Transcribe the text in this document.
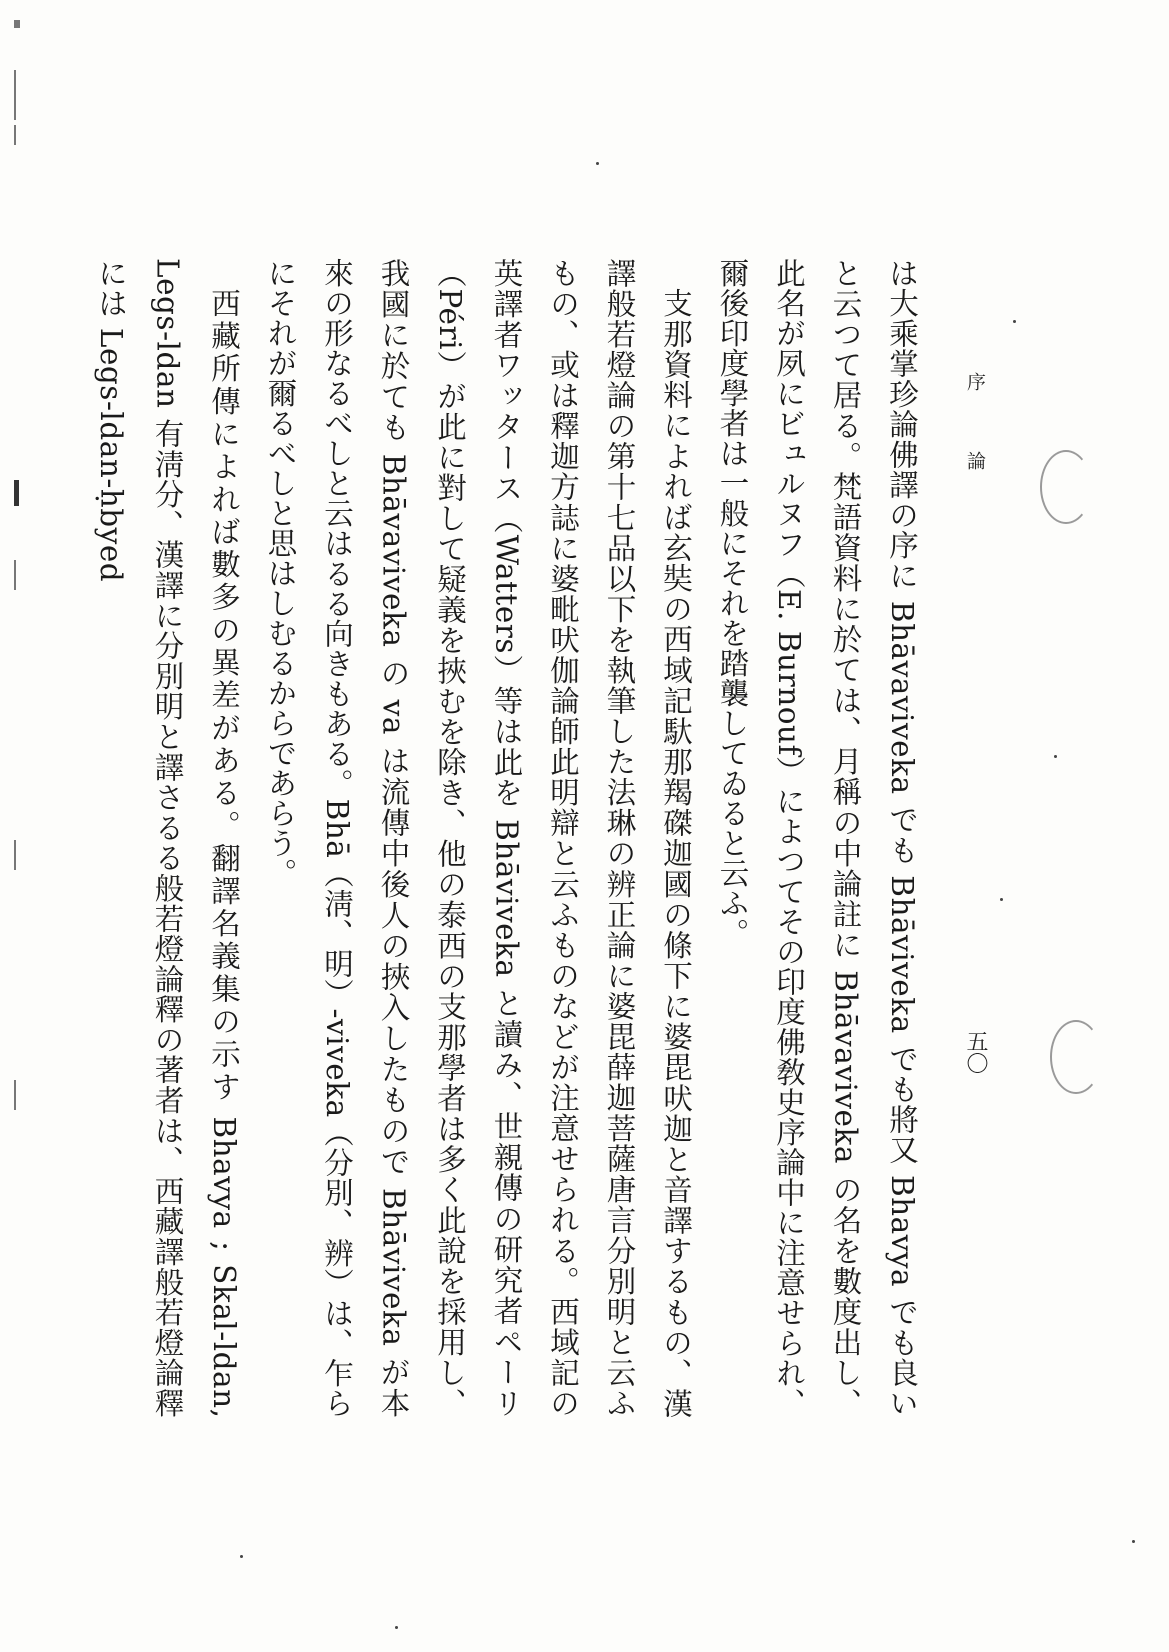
序論
五〇

は大乘掌珍論佛譯の序に Bhāvaviveka でも Bhāviveka でも將又 Bhavya でも良いと云つて居る。梵語資料に於ては、月稱の中論註に Bhāvaviveka の名を數度出し、此名が夙にビュルヌフ（E. Burnouf）によつてその印度佛敎史序論中に注意せられ、爾後印度學者は一般にそれを踏襲してゐると云ふ。

支那資料によれば玄奘の西域記馱那羯磔迦國の條下に婆毘吠迦と音譯するもの、漢譯般若燈論の第十七品以下を執筆した法琳の辨正論に婆毘薛迦菩薩唐言分別明と云ふもの、或は釋迦方誌に婆毗吠伽論師此明辯と云ふものなどが注意せられる。西域記の英譯者ワッタース（Watters）等は此を Bhāviveka と讀み、世親傳の研究者ペーリ（Péri）が此に對して疑義を挾むを除き、他の泰西の支那學者は多く此說を採用し、我國に於ても Bhāvaviveka の va は流傳中後人の挾入したもので Bhāviveka が本來の形なるべしと云はるる向きもある。Bhā（淸、明）-viveka（分別、辨）は、乍らにそれが爾るべしと思はしむるからであらう。

西藏所傳によれば數多の異差がある。翻譯名義集の示す Bhavya ; Skal-ldan, Legs-ldan 有淸分、漢譯に分別明と譯さるる般若燈論釋の著者は、西藏譯般若燈論釋には Legs-ldan-ḥbyed
